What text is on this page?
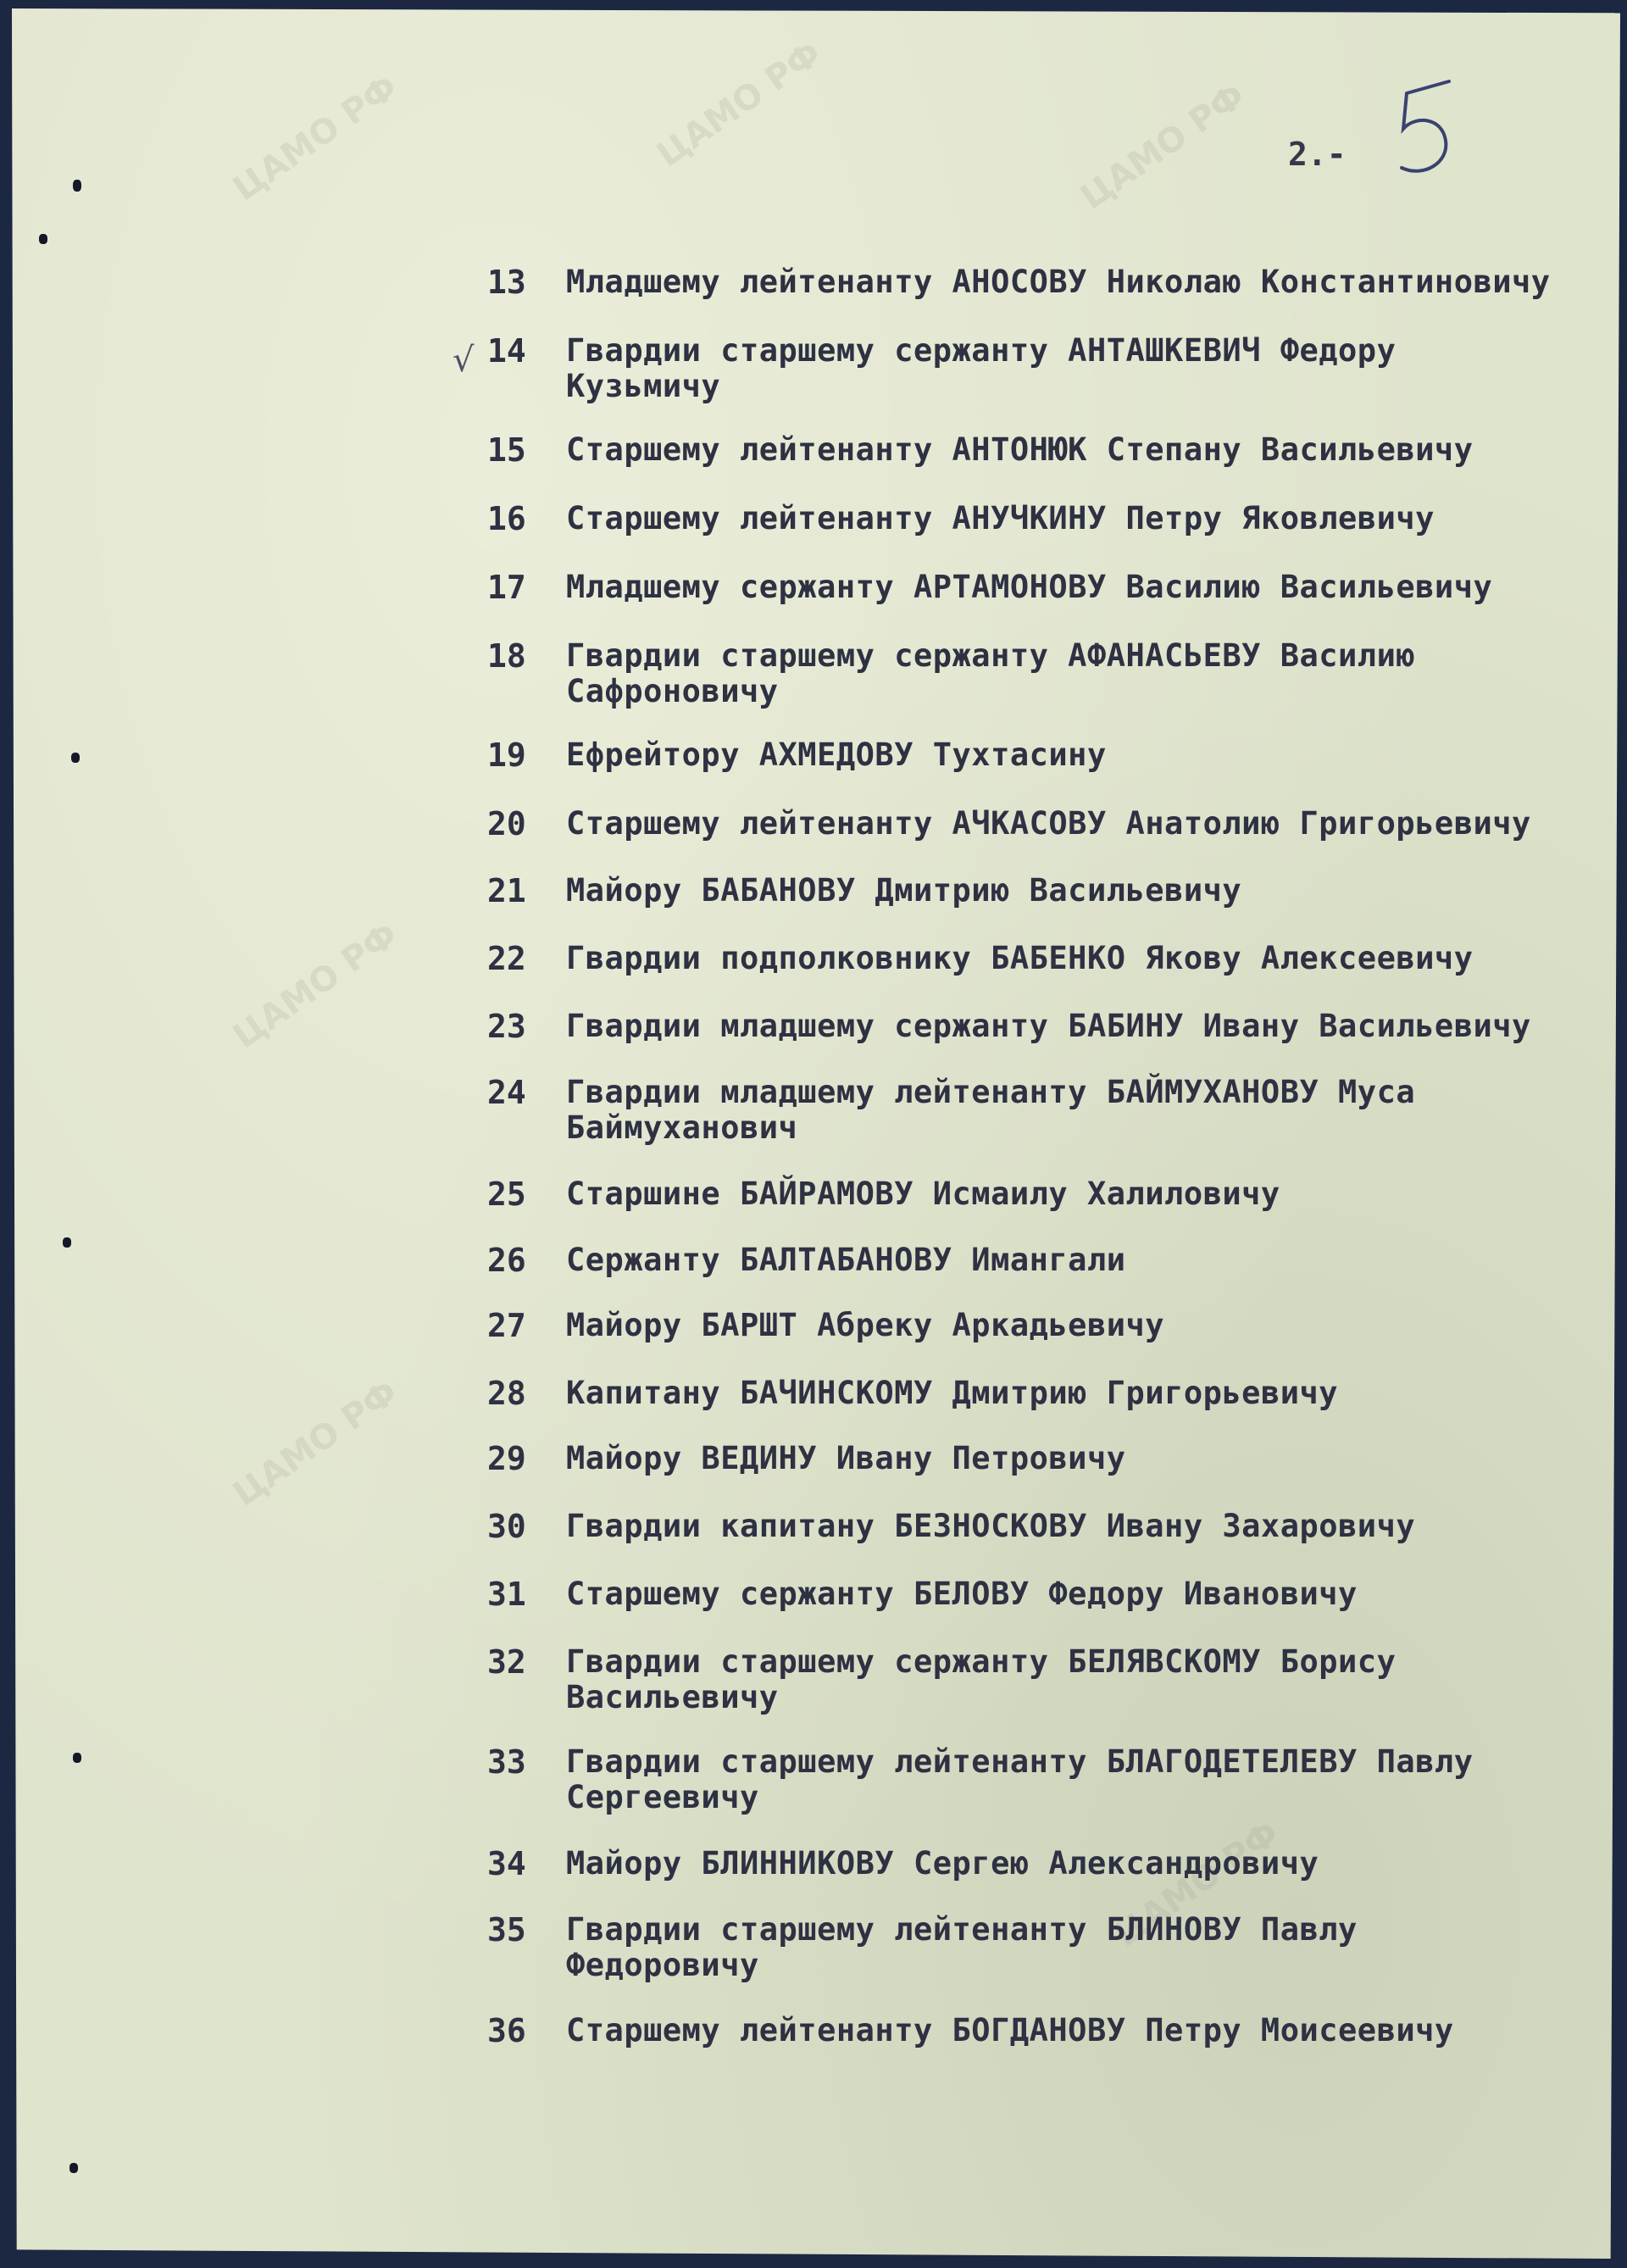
ЦАМО РФ	ЦАМО РФ	ЦАМО РФ
ЦАМО РФ
ЦАМО РФ
ЦАМО РФ
2.-
√
13	Младшему лейтенанту АНОСОВУ Николаю Константиновичу
14	Гвардии старшему сержанту АНТАШКЕВИЧ Федору Кузьмичу
15	Старшему лейтенанту АНТОНЮК Степану Васильевичу
16	Старшему лейтенанту АНУЧКИНУ Петру Яковлевичу
17	Младшему сержанту АРТАМОНОВУ Василию Васильевичу
18	Гвардии старшему сержанту АФАНАСЬЕВУ Василию Сафроновичу
19	Ефрейтору АХМЕДОВУ Тухтасину
20	Старшему лейтенанту АЧКАСОВУ Анатолию Григорьевичу
21	Майору БАБАНОВУ Дмитрию Васильевичу
22	Гвардии подполковнику БАБЕНКО Якову Алексеевичу
23	Гвардии младшему сержанту БАБИНУ Ивану Васильевичу
24	Гвардии младшему лейтенанту БАЙМУХАНОВУ Муса Баймуханович
25	Старшине БАЙРАМОВУ Исмаилу Халиловичу
26	Сержанту БАЛТАБАНОВУ Имангали
27	Майору БАРШТ Абреку Аркадьевичу
28	Капитану БАЧИНСКОМУ Дмитрию Григорьевичу
29	Майору ВЕДИНУ Ивану Петровичу
30	Гвардии капитану БЕЗНОСКОВУ Ивану Захаровичу
31	Старшему сержанту БЕЛОВУ Федору Ивановичу
32	Гвардии старшему сержанту БЕЛЯВСКОМУ Борису Васильевичу
33	Гвардии старшему лейтенанту БЛАГОДЕТЕЛЕВУ Павлу Сергеевичу
34	Майору БЛИННИКОВУ Сергею Александровичу
35	Гвардии старшему лейтенанту БЛИНОВУ Павлу Федоровичу
36	Старшему лейтенанту БОГДАНОВУ Петру Моисеевичу
